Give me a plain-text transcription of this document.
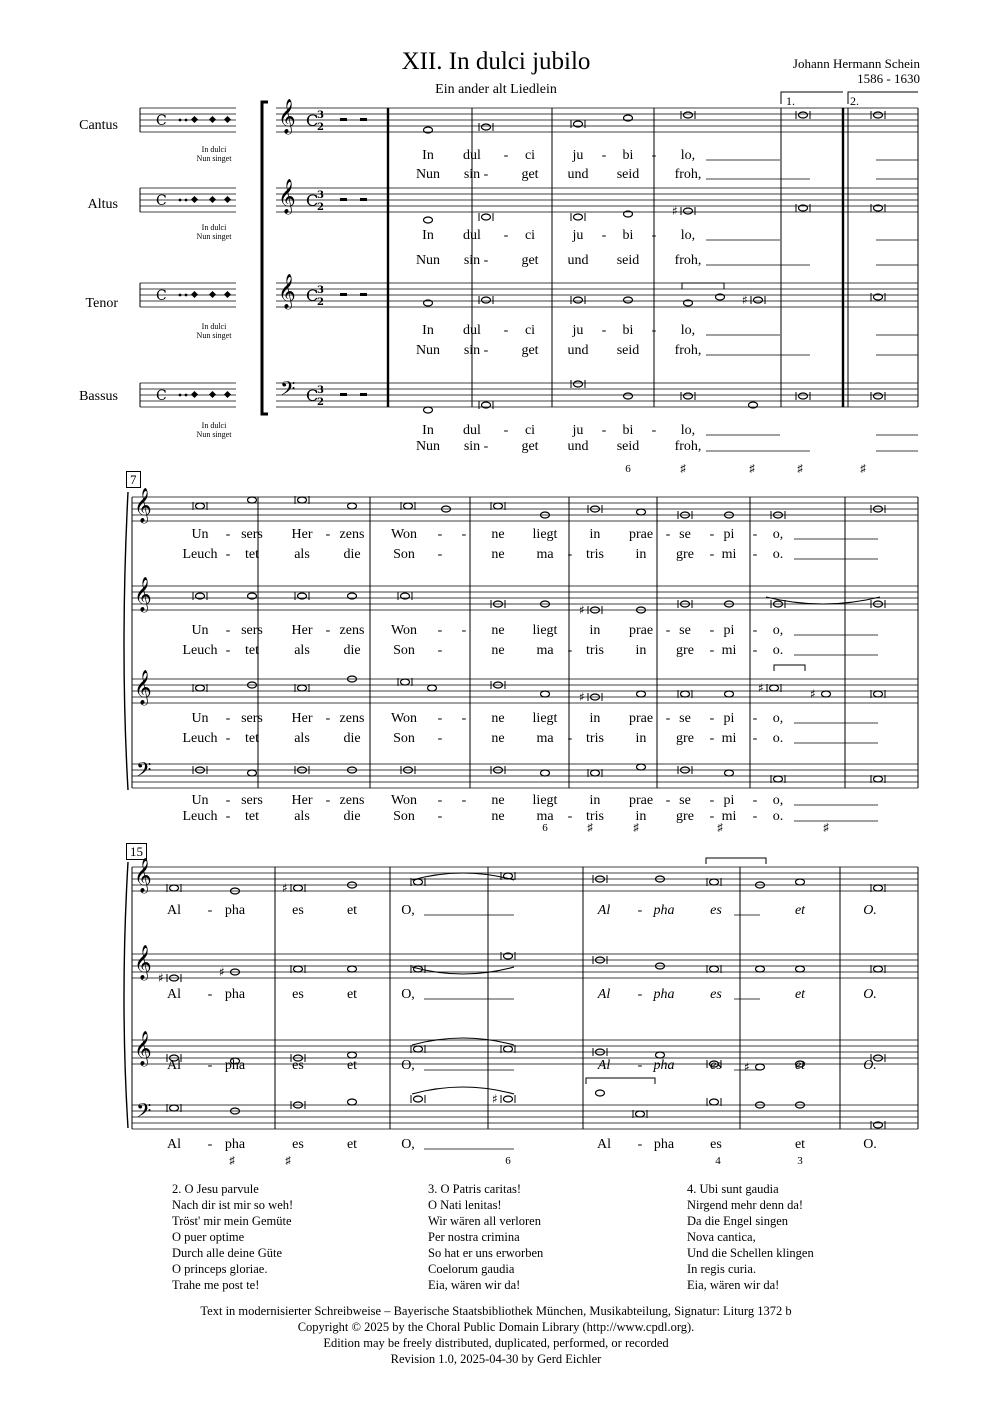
XII. In dulci jubilo
Ein ander alt Liedlein
Johann Hermann Schein
1586 - 1630
Cantus
Altus
Tenor
Bassus
In dulci
Nun singet
In dulci
Nun singet
In dulci
Nun singet
In dulci
Nun singet
1.	2.
7
15
C	𝄞 C
3
2
C	𝄞 C
3
2
C	𝄞 C
3
2
C	𝄢 C
3
2
♯
♯
𝄞
𝄞
𝄞
𝄢
♯
♯
♯	♯
𝄞
𝄞
𝄞
𝄢
♯
♯	♯
♯
♯
In	dul	-	ci	ju	-	bi	-	lo,
Nun	sin -	get	und	seid	froh,
In	dul	-	ci	ju	-	bi	-	lo,
Nun	sin -	get	und	seid	froh,
In	dul	-	ci	ju	-	bi	-	lo,
Nun	sin -	get	und	seid	froh,
In	dul	-	ci	ju	-	bi	-	lo,
Nun	sin -	get	und	seid	froh,
6	♯	♯	♯	♯
Un	- sers	Her - zens	Won	-	-	ne	liegt	in	prae - se	- pi	-	o,
Leuch -	tet	als	die	Son	-	ne	ma	- tris	in	gre	- mi	-	o.
Un	- sers	Her - zens	Won	-	-	ne	liegt	in	prae - se	- pi	-	o,
Leuch -	tet	als	die	Son	-	ne	ma	- tris	in	gre	- mi	-	o.
Un	- sers	Her - zens	Won	-	-	ne	liegt	in	prae - se	- pi	-	o,
Leuch -	tet	als	die	Son	-	ne	ma	- tris	in	gre	- mi	-	o.
Un	- sers	Her - zens	Won	-	-	ne	liegt	in	prae - se	- pi	-	o,
Leuch -	tet	als	die	Son	-	ne	ma	- tris	in	gre	- mi	-	o.
6	♯	♯	♯	♯
Al	- pha	es	et	O,	Al	- pha	es	et	O.
Al	- pha	es	et	O,	Al	- pha	es	et	O.
Al	- pha	es	et	O,	Al	- pha	es	et	O.
Al	- pha	es	et	O,	Al	- pha	es	et	O.
♯	♯	6	4	3
2. O Jesu parvule
Nach dir ist mir so weh!
Tröst' mir mein Gemüte
O puer optime
Durch alle deine Güte
O princeps gloriae.
Trahe me post te!
3. O Patris caritas!
O Nati lenitas!
Wir wären all verloren
Per nostra crimina
So hat er uns erworben
Coelorum gaudia
Eia, wären wir da!
4. Ubi sunt gaudia
Nirgend mehr denn da!
Da die Engel singen
Nova cantica,
Und die Schellen klingen
In regis curia.
Eia, wären wir da!
Text in modernisierter Schreibweise – Bayerische Staatsbibliothek München, Musikabteilung, Signatur: Liturg 1372 b
Copyright © 2025 by the Choral Public Domain Library (http://www.cpdl.org).
Edition may be freely distributed, duplicated, performed, or recorded
Revision 1.0, 2025-04-30 by Gerd Eichler
